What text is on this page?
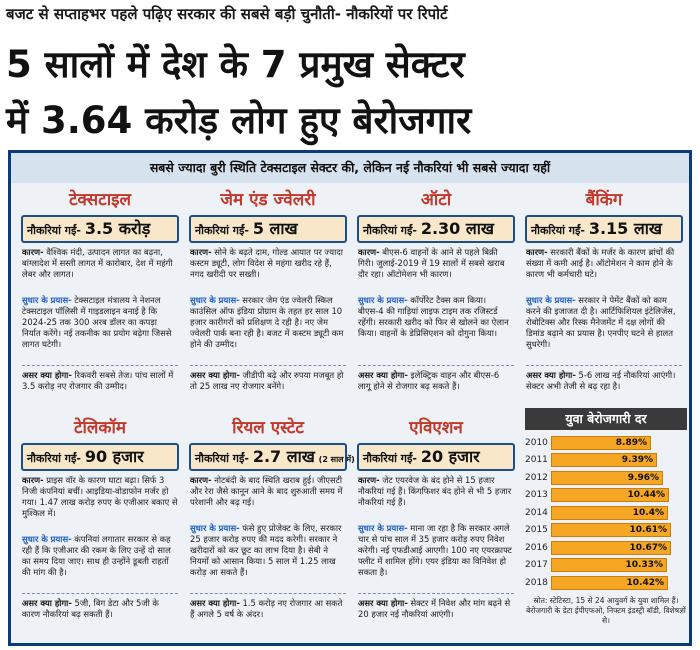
बजट से सप्ताहभर पहले पढ़िए सरकार की सबसे बड़ी चुनौती- नौकरियों पर रिपोर्ट
5 सालों में देश के 7 प्रमुख सेक्टर
में 3.64 करोड़ लोग हुए बेरोजगार
सबसे ज्यादा बुरी स्थिति टेक्सटाइल सेक्टर की, लेकिन नई नौकरियां भी सबसे ज्यादा यहीं
टेक्सटाइल
नौकरियां गईं- 3.5 करोड़
कारण- वैश्विक मंदी, उत्पादन लागत का बढ़ना, बांग्लादेश में सस्ती लागत में कारोबार, देश में महंगी लेबर और लागत।
सुधार के प्रयास- टेक्सटाइल मंत्रालय ने नेशनल टेक्सटाइल पॉलिसी में गाइडलाइन बनाई है कि 2024-25 तक 300 अरब डॉलर का कपड़ा निर्यात करेंगे। नई तकनीक का प्रयोग बढ़ेगा जिससे लागत घटेगी।
असर क्या होगा- रिकवरी सबसे तेज। पांच सालों में 3.5 करोड़ नए रोजगार की उम्मीद।
जेम एंड ज्वेलरी
नौकरियां गईं- 5 लाख
कारण- सोने के बढ़ते दाम, गोल्ड आयात पर ज्यादा कस्टम ड्यूटी, लोग विदेश से महंगा खरीद रहे हैं, नगद खरीदी पर सख्ती।
सुधार के प्रयास- सरकार जेम एंड ज्वेलरी स्किल काउंसिल ऑफ इंडिया प्रोग्राम के तहत हर साल 10 हजार कारीगरों को प्रशिक्षण दे रही है। नए जेम ज्वेलरी पार्क बना रही है। बजट में कस्टम ड्यूटी कम होने की उम्मीद।
असर क्या होगा- जीडीपी बढ़े और रुपया मजबूत हो तो 25 लाख नए रोजगार बनेंगे।
ऑटो
नौकरियां गईं- 2.30 लाख
कारण- बीएस-6 वाहनों के आने से पहले बिक्री गिरी। जुलाई-2019 में 19 सालों में सबसे खराब दौर रहा। ऑटोमेशन भी कारण।
सुधार के प्रयास- कॉर्पोरेट टैक्स कम किया। बीएस-4 की गाड़ियां लाइफ टाइम तक रजिस्टर्ड रहेंगी। सरकारी खरीद को फिर से खोलने का ऐलान किया। वाहनों के डेप्रिसिएशन को दोगुना किया।
असर क्या होगा- इलेक्ट्रिक वाहन और बीएस-6 लागू होने से रोजगार बढ़ सकते हैं।
बैंकिंग
नौकरियां गईं- 3.15 लाख
कारण- सरकारी बैंकों के मर्जर के कारण ब्रांचों की संख्या में कमी आई है। ऑटोमेशन ने काम होने के कारण भी कर्मचारी घटे।
सुधार के प्रयास- सरकार ने पेमेंट बैंकों को काम करने की इजाजत दी है। आर्टिफिशियल इंटेलिजेंस, रोबोटिक्स और रिस्क मैनेजमेंट में दक्ष लोगों की डिमांड बढ़ाने का प्रयास है। एनपीए घटने से हालत सुधरेगी।
असर क्या होगा- 5-6 लाख नई नौकरियां आएंगी। सेक्टर अभी तेजी से बढ़ रहा है।
टेलिकॉम
नौकरियां गईं- 90 हजार
कारण- प्राइस वॉर के कारण घाटा बढ़ा। सिर्फ 3 निजी कंपनियां बचीं। आइडिया-वोडाफोन मर्जर हो गया। 1.47 लाख करोड़ रुपए के एजीआर बकाए से मुश्किल में।
सुधार के प्रयास- कंपनियां लगातार सरकार से कह रही हैं कि एजीआर की रकम के लिए उन्हें दो साल का समय दिया जाए। साथ ही उन्होंने डूबती राहतों की मांग की है।
असर क्या होगा- 5जी, बिग डेटा और 5जी के कारण नौकरियां बढ़ सकती हैं।
रियल एस्टेट
नौकरियां गईं- 2.7 लाख (2 साल में)
कारण- नोटबंदी के बाद स्थिति खराब हुई। जीएसटी और रेरा जैसे कानून आने के बाद शुरुआती समय में परेशानी और बढ़ गई।
सुधार के प्रयास- फंसे हुए प्रोजेक्ट के लिए, सरकार 25 हजार करोड़ रुपए की मदद करेगी। सरकार ने खरीदारों को कर छूट का लाभ दिया है। सेबी ने नियमों को आसान किया। 5 साल में 1.25 लाख करोड़ आ सकते हैं।
असर क्या होगा- 1.5 करोड़ नए रोजगार आ सकते हैं अगले 5 वर्ष के अंदर।
एविएशन
नौकरियां गईं- 20 हजार
कारण- जेट एयरवेज के बंद होने से 15 हजार नौकरियां गई हैं। किंगफिशर बंद होने से भी 5 हजार नौकरियां गई हैं।
सुधार के प्रयास- माना जा रहा है कि सरकार अगले चार से पांच साल में 35 हजार करोड़ रुपए निवेश करेगी। नई एफडीआई आएगी। 100 नए एयरक्राफ्ट फ्लीट में शामिल होंगे। एयर इंडिया का विनिवेश हो सकता है।
असर क्या होगा- सेक्टर में निवेश और मांग बढ़ने से 20 हजार नई नौकरियां आएंगी।
युवा बेरोजगारी दर
2010	8.89%
2011	9.39%
2012	9.96%
2013	10.44%
2014	10.4%
2015	10.61%
2016	10.67%
2017	10.33%
2018	10.42%
स्रोत: स्टेटिस्टा, 15 से 24 आयुवर्ग के युवा शामिल हैं। बेरोजगारी के डेटा ईपीएफओ, निफ्टम इंडस्ट्री बॉडी, विशेषज्ञों से।
